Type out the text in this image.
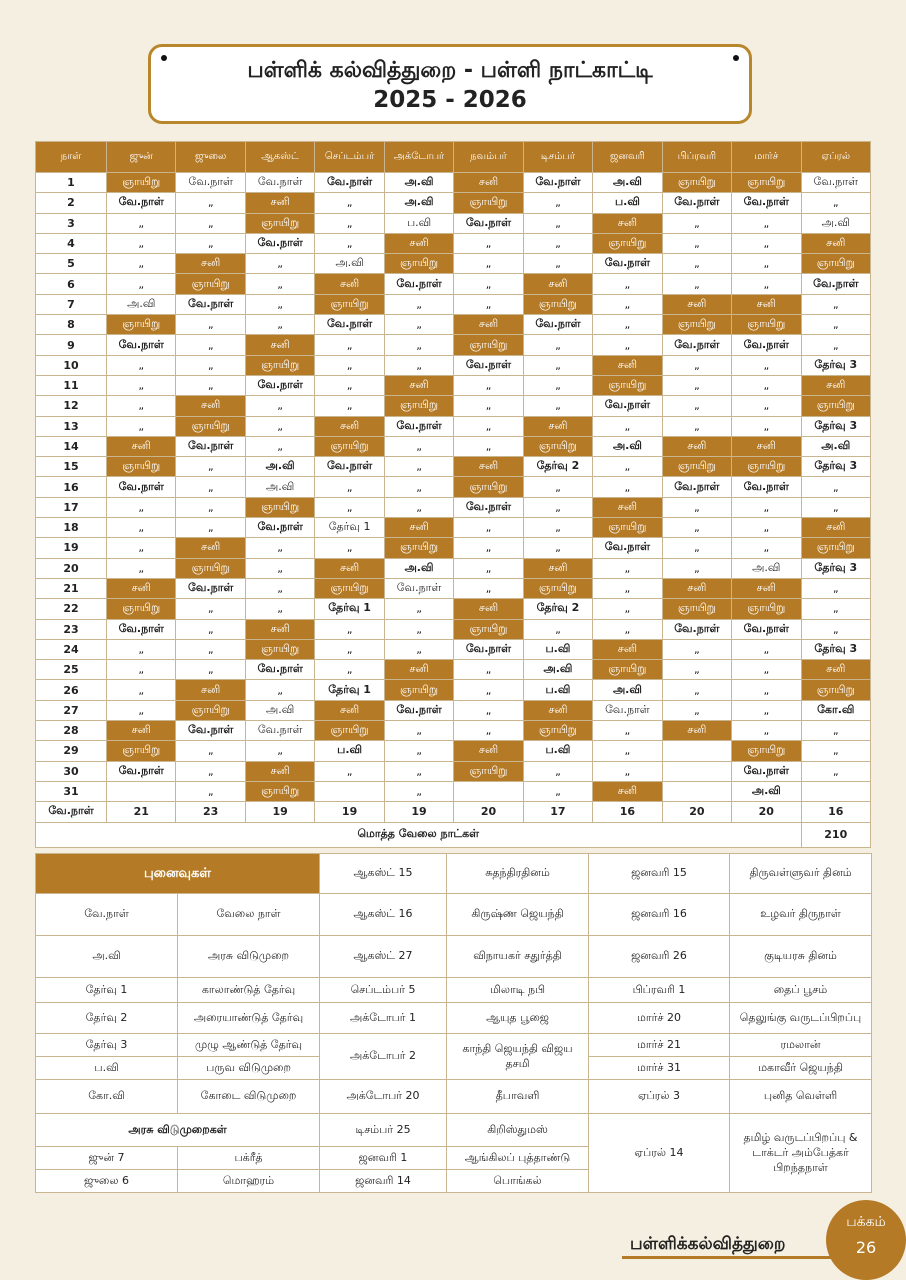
பள்ளிக் கல்வித்துறை - பள்ளி நாட்காட்டி
2025 - 2026
நாள்	ஜுன்	ஜுலை	ஆகஸ்ட்	செப்டம்பர்	அக்டோபர்	நவம்பர்	டிசம்பர்	ஜனவரி	பிப்ரவரி	மார்ச்	ஏப்ரல்
1	ஞாயிறு	வே.நாள்	வே.நாள்	வே.நாள்	அ.வி	சனி	வே.நாள்	அ.வி	ஞாயிறு	ஞாயிறு	வே.நாள்
2	வே.நாள்	„	சனி	„	அ.வி	ஞாயிறு	„	ப.வி	வே.நாள்	வே.நாள்	„
3	„	„	ஞாயிறு	„	ப.வி	வே.நாள்	„	சனி	„	„	அ.வி
4	„	„	வே.நாள்	„	சனி	„	„	ஞாயிறு	„	„	சனி
5	„	சனி	„	அ.வி	ஞாயிறு	„	„	வே.நாள்	„	„	ஞாயிறு
6	„	ஞாயிறு	„	சனி	வே.நாள்	„	சனி	„	„	„	வே.நாள்
7	அ.வி	வே.நாள்	„	ஞாயிறு	„	„	ஞாயிறு	„	சனி	சனி	„
8	ஞாயிறு	„	„	வே.நாள்	„	சனி	வே.நாள்	„	ஞாயிறு	ஞாயிறு	„
9	வே.நாள்	„	சனி	„	„	ஞாயிறு	„	„	வே.நாள்	வே.நாள்	„
10	„	„	ஞாயிறு	„	„	வே.நாள்	„	சனி	„	„	தேர்வு 3
11	„	„	வே.நாள்	„	சனி	„	„	ஞாயிறு	„	„	சனி
12	„	சனி	„	„	ஞாயிறு	„	„	வே.நாள்	„	„	ஞாயிறு
13	„	ஞாயிறு	„	சனி	வே.நாள்	„	சனி	„	„	„	தேர்வு 3
14	சனி	வே.நாள்	„	ஞாயிறு	„	„	ஞாயிறு	அ.வி	சனி	சனி	அ.வி
15	ஞாயிறு	„	அ.வி	வே.நாள்	„	சனி	தேர்வு 2	„	ஞாயிறு	ஞாயிறு	தேர்வு 3
16	வே.நாள்	„	அ.வி	„	„	ஞாயிறு	„	„	வே.நாள்	வே.நாள்	„
17	„	„	ஞாயிறு	„	„	வே.நாள்	„	சனி	„	„	„
18	„	„	வே.நாள்	தேர்வு 1	சனி	„	„	ஞாயிறு	„	„	சனி
19	„	சனி	„	„	ஞாயிறு	„	„	வே.நாள்	„	„	ஞாயிறு
20	„	ஞாயிறு	„	சனி	அ.வி	„	சனி	„	„	அ.வி	தேர்வு 3
21	சனி	வே.நாள்	„	ஞாயிறு	வே.நாள்	„	ஞாயிறு	„	சனி	சனி	„
22	ஞாயிறு	„	„	தேர்வு 1	„	சனி	தேர்வு 2	„	ஞாயிறு	ஞாயிறு	„
23	வே.நாள்	„	சனி	„	„	ஞாயிறு	„	„	வே.நாள்	வே.நாள்	„
24	„	„	ஞாயிறு	„	„	வே.நாள்	ப.வி	சனி	„	„	தேர்வு 3
25	„	„	வே.நாள்	„	சனி	„	அ.வி	ஞாயிறு	„	„	சனி
26	„	சனி	„	தேர்வு 1	ஞாயிறு	„	ப.வி	அ.வி	„	„	ஞாயிறு
27	„	ஞாயிறு	அ.வி	சனி	வே.நாள்	„	சனி	வே.நாள்	„	„	கோ.வி
28	சனி	வே.நாள்	வே.நாள்	ஞாயிறு	„	„	ஞாயிறு	„	சனி	„	„
29	ஞாயிறு	„	„	ப.வி	„	சனி	ப.வி	„		ஞாயிறு	„
30	வே.நாள்	„	சனி	„	„	ஞாயிறு	„	„		வே.நாள்	„
31		„	ஞாயிறு		„		„	சனி		அ.வி	
வே.நாள்	21	23	19	19	19	20	17	16	20	20	16
மொத்த வேலை நாட்கள்											210
புனைவுகள்		ஆகஸ்ட் 15	சுதந்திரதினம்	ஜனவரி 15	திருவள்ளுவர் தினம்
வே.நாள்	வேலை நாள்	ஆகஸ்ட் 16	கிருஷ்ண ஜெயந்தி	ஜனவரி 16	உழவர் திருநாள்
அ.வி	அரசு விடுமுறை	ஆகஸ்ட் 27	விநாயகர் சதுர்த்தி	ஜனவரி 26	குடியரசு தினம்
தேர்வு 1	காலாண்டுத் தேர்வு	செப்டம்பர் 5	மிலாடி நபி	பிப்ரவரி 1	தைப் பூசம்
தேர்வு 2	அரையாண்டுத் தேர்வு	அக்டோபர் 1	ஆயுத பூஜை	மார்ச் 20	தெலுங்கு வருடப்பிறப்பு
தேர்வு 3	முழு ஆண்டுத் தேர்வு	அக்டோபர் 2	காந்தி ஜெயந்தி விஜய தசமி	மார்ச் 21	ரமலான்
ப.வி	பருவ விடுமுறை			மார்ச் 31	மகாவீர் ஜெயந்தி
கோ.வி	கோடை விடுமுறை	அக்டோபர் 20	தீபாவளி	ஏப்ரல் 3	புனித வெள்ளி
அரசு விடுமுறைகள்		டிசம்பர் 25	கிறிஸ்துமஸ்	ஏப்ரல் 14	தமிழ் வருடப்பிறப்பு & டாக்டர் அம்பேத்கர் பிறந்தநாள்
ஜுன் 7	பக்ரீத்	ஜனவரி 1	ஆங்கிலப் புத்தாண்டு		
ஜுலை 6	மொஹரம்	ஜனவரி 14	பொங்கல்		
பள்ளிக்கல்வித்துறை
பக்கம்
26
